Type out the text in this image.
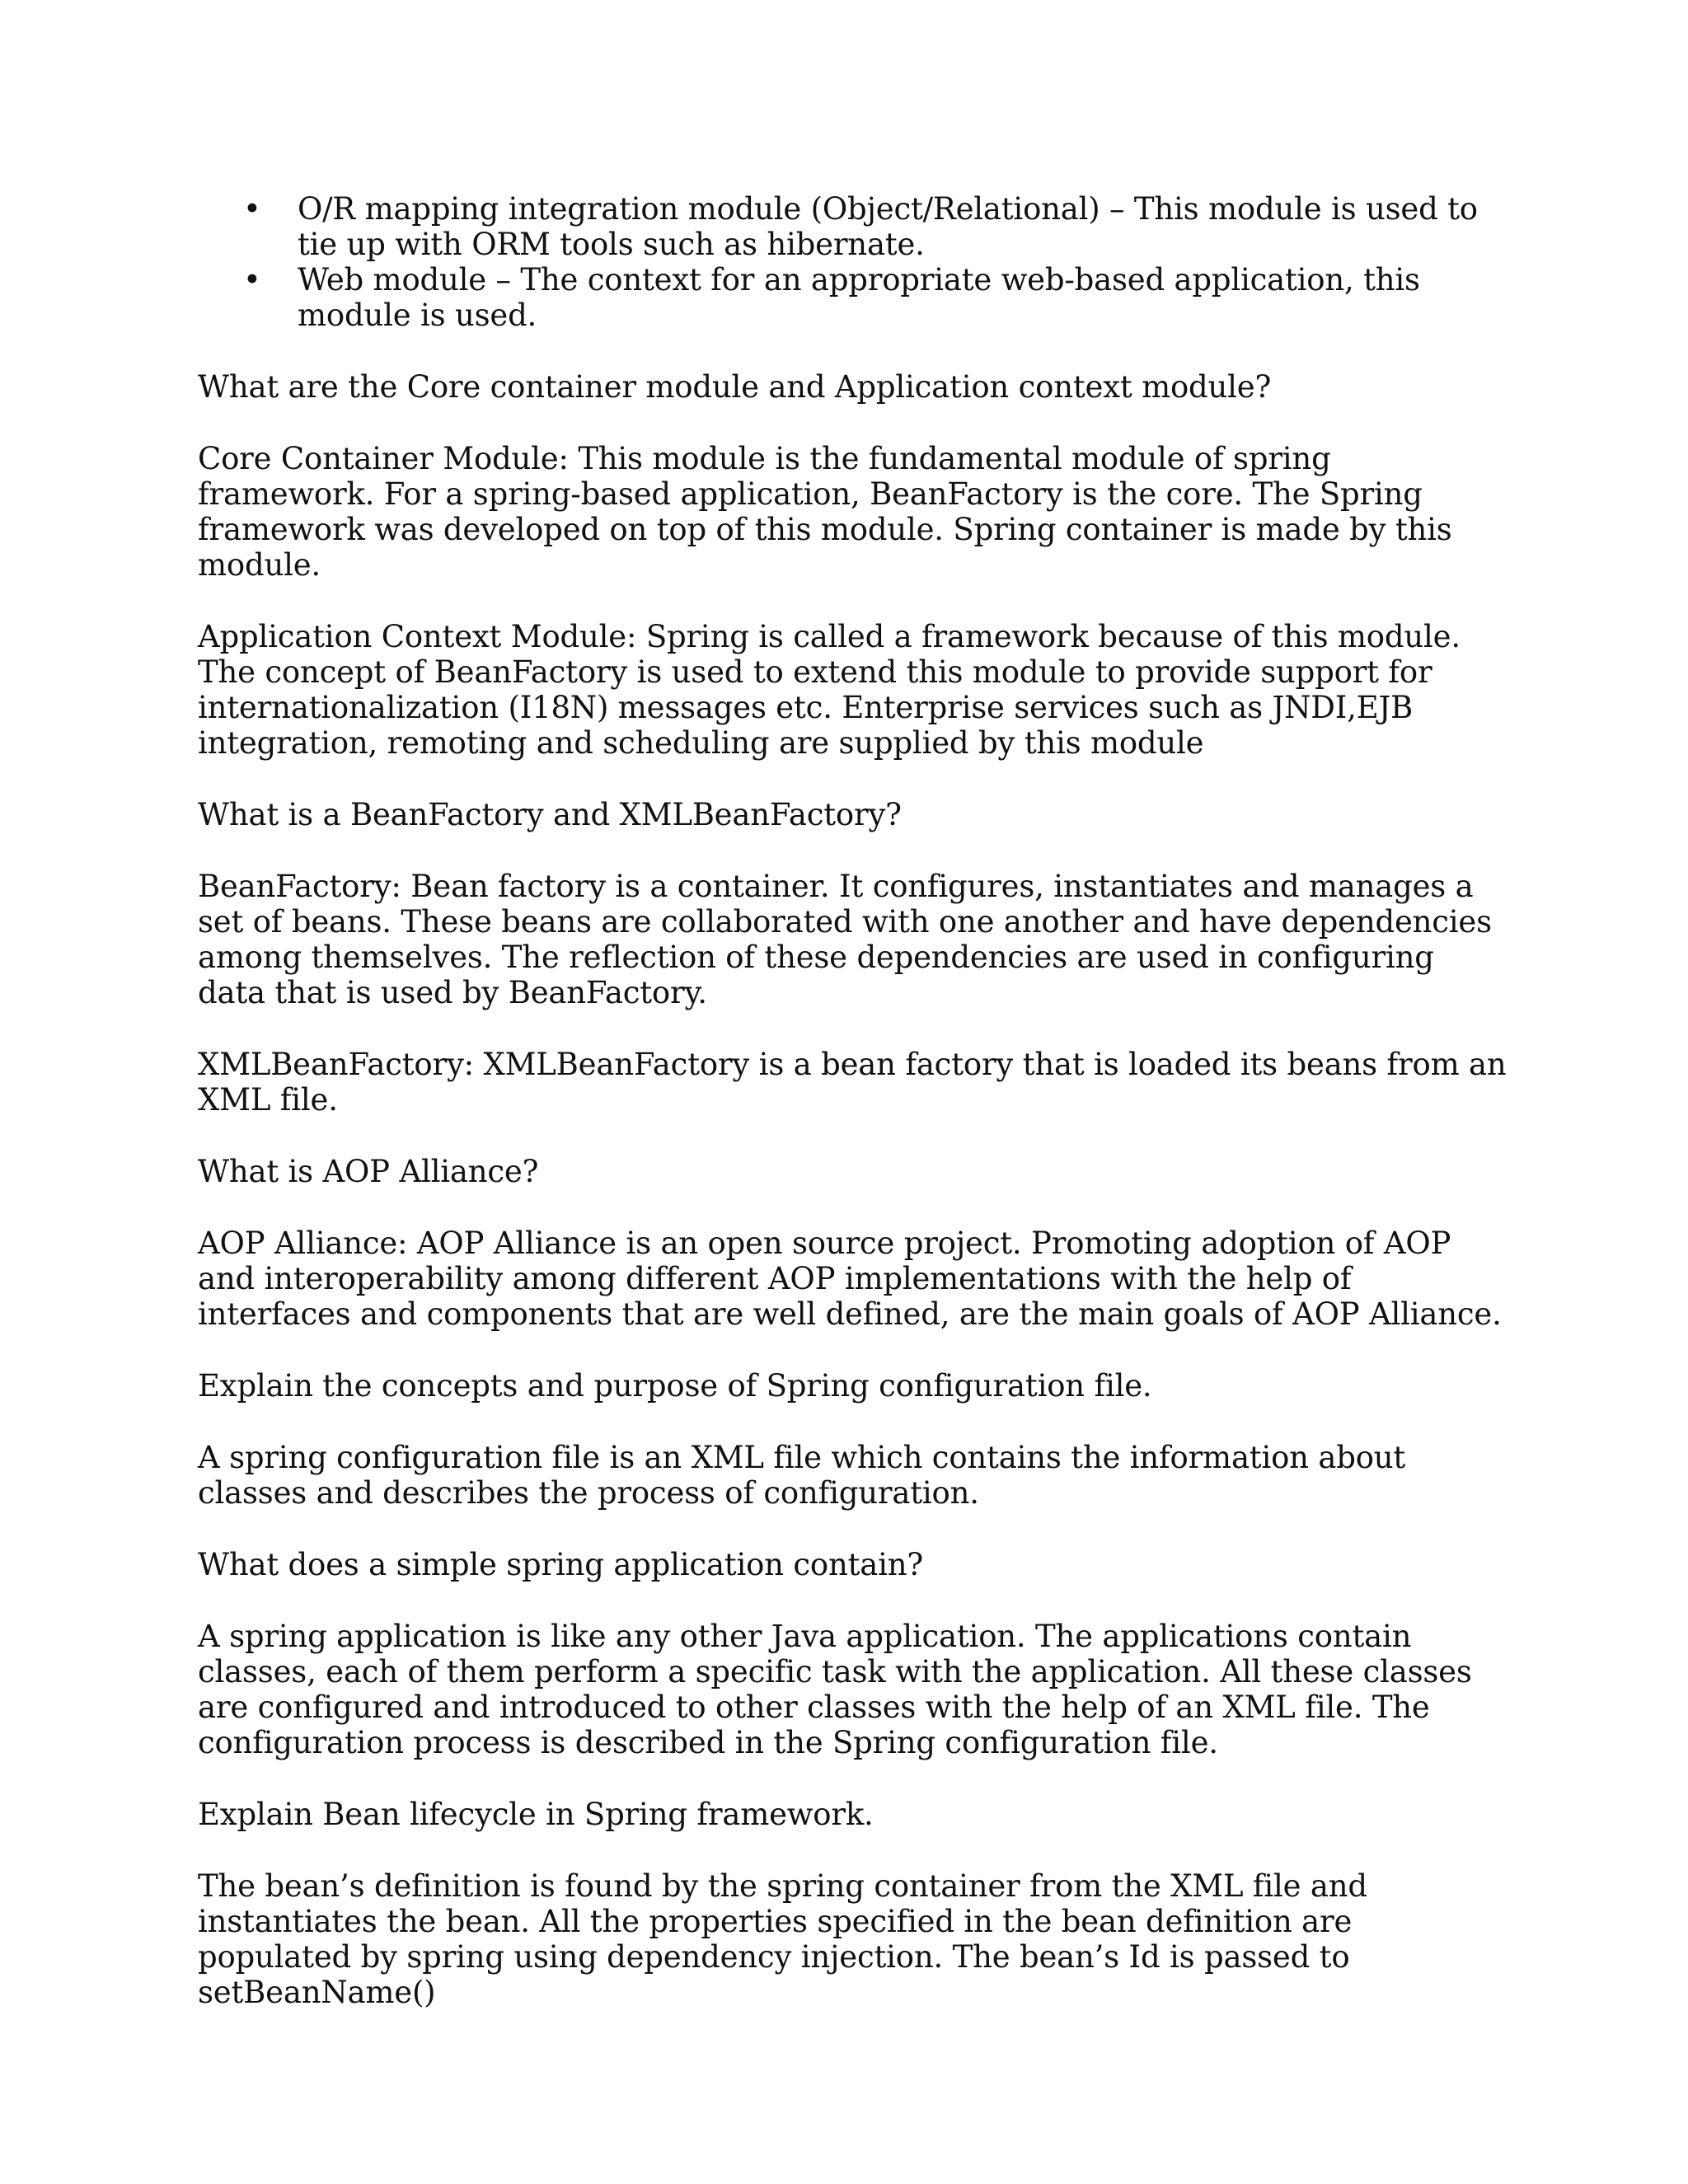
• O/R mapping integration module (Object/Relational) – This module is used to tie up with ORM tools such as hibernate.
• Web module – The context for an appropriate web-based application, this module is used.

What are the Core container module and Application context module?

Core Container Module: This module is the fundamental module of spring framework. For a spring-based application, BeanFactory is the core. The Spring framework was developed on top of this module. Spring container is made by this module.

Application Context Module: Spring is called a framework because of this module. The concept of BeanFactory is used to extend this module to provide support for internationalization (I18N) messages etc. Enterprise services such as JNDI,EJB integration, remoting and scheduling are supplied by this module

What is a BeanFactory and XMLBeanFactory?

BeanFactory: Bean factory is a container. It configures, instantiates and manages a set of beans. These beans are collaborated with one another and have dependencies among themselves. The reflection of these dependencies are used in configuring data that is used by BeanFactory.

XMLBeanFactory: XMLBeanFactory is a bean factory that is loaded its beans from an XML file.

What is AOP Alliance?

AOP Alliance: AOP Alliance is an open source project. Promoting adoption of AOP and interoperability among different AOP implementations with the help of interfaces and components that are well defined, are the main goals of AOP Alliance.

Explain the concepts and purpose of Spring configuration file.

A spring configuration file is an XML file which contains the information about classes and describes the process of configuration.

What does a simple spring application contain?

A spring application is like any other Java application. The applications contain classes, each of them perform a specific task with the application. All these classes are configured and introduced to other classes with the help of an XML file. The configuration process is described in the Spring configuration file.

Explain Bean lifecycle in Spring framework.

The bean’s definition is found by the spring container from the XML file and instantiates the bean. All the properties specified in the bean definition are populated by spring using dependency injection. The bean’s Id is passed to setBeanName()
